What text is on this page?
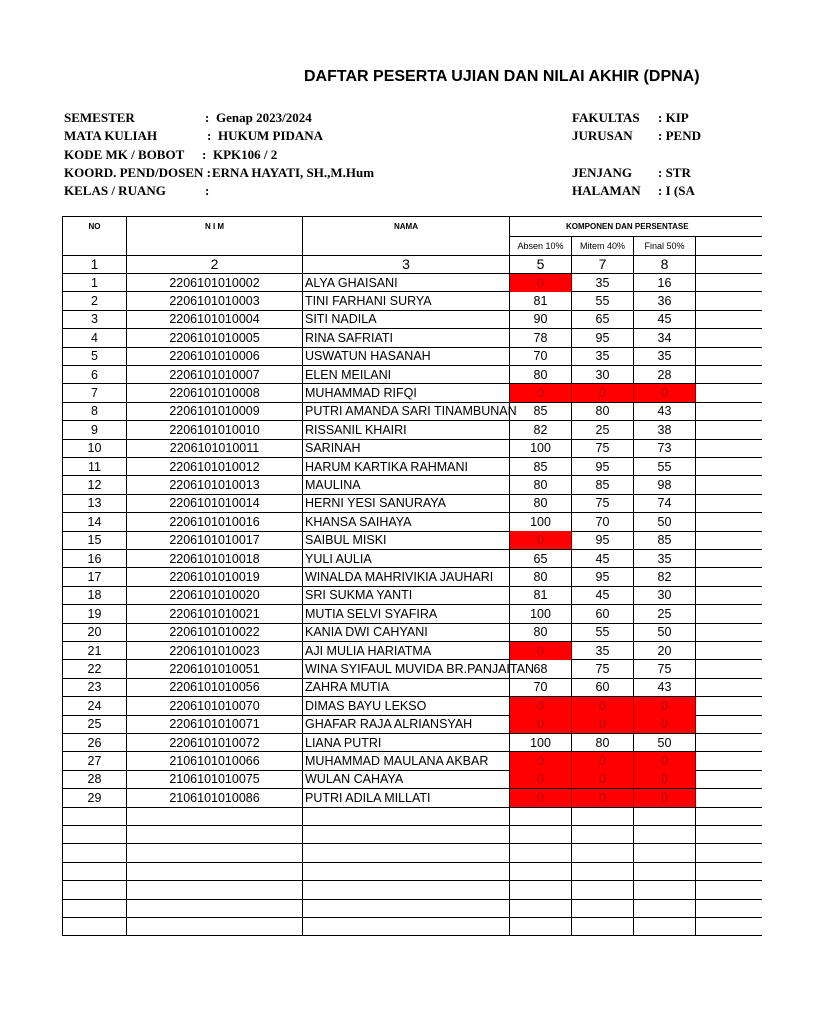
DAFTAR PESERTA UJIAN DAN NILAI AKHIR (DPNA)
SEMESTER	: Genap 2023/2024
MATA KULIAH	: HUKUM PIDANA
KODE MK / BOBOT : KPK106 / 2
KOORD. PEND/DOSEN : ERNA HAYATI, SH.,M.Hum
KELAS / RUANG	:
FAKULTAS : KIP
JURUSAN : PEND
JENJANG : STR
HALAMAN : I (SA
NO	N I M	NAMA	KOMPONEN DAN PERSENTASE
Absen 10%	Mitem 40%	Final 50%
1	2	3	5	7	8
1	2206101010002	ALYA GHAISANI	0	35	16
2	2206101010003	TINI FARHANI SURYA	81	55	36
3	2206101010004	SITI NADILA	90	65	45
4	2206101010005	RINA SAFRIATI	78	95	34
5	2206101010006	USWATUN HASANAH	70	35	35
6	2206101010007	ELEN MEILANI	80	30	28
7	2206101010008	MUHAMMAD RIFQI	0	0	0
8	2206101010009	PUTRI AMANDA SARI TINAMBUNAN	85	80	43
9	2206101010010	RISSANIL KHAIRI	82	25	38
10	2206101010011	SARINAH	100	75	73
11	2206101010012	HARUM KARTIKA RAHMANI	85	95	55
12	2206101010013	MAULINA	80	85	98
13	2206101010014	HERNI YESI SANURAYA	80	75	74
14	2206101010016	KHANSA SAIHAYA	100	70	50
15	2206101010017	SAIBUL MISKI	0	95	85
16	2206101010018	YULI AULIA	65	45	35
17	2206101010019	WINALDA MAHRIVIKIA JAUHARI	80	95	82
18	2206101010020	SRI SUKMA YANTI	81	45	30
19	2206101010021	MUTIA SELVI SYAFIRA	100	60	25
20	2206101010022	KANIA DWI CAHYANI	80	55	50
21	2206101010023	AJI MULIA HARIATMA	0	35	20
22	2206101010051	WINA SYIFAUL MUVIDA BR.PANJAITAN 68	75	75
23	2206101010056	ZAHRA MUTIA	70	60	43
24	2206101010070	DIMAS BAYU LEKSO	0	0	0
25	2206101010071	GHAFAR RAJA ALRIANSYAH	0	0	0
26	2206101010072	LIANA PUTRI	100	80	50
27	2106101010066	MUHAMMAD MAULANA AKBAR	0	0	0
28	2106101010075	WULAN CAHAYA	0	0	0
29	2106101010086	PUTRI ADILA MILLATI	0	0	0
